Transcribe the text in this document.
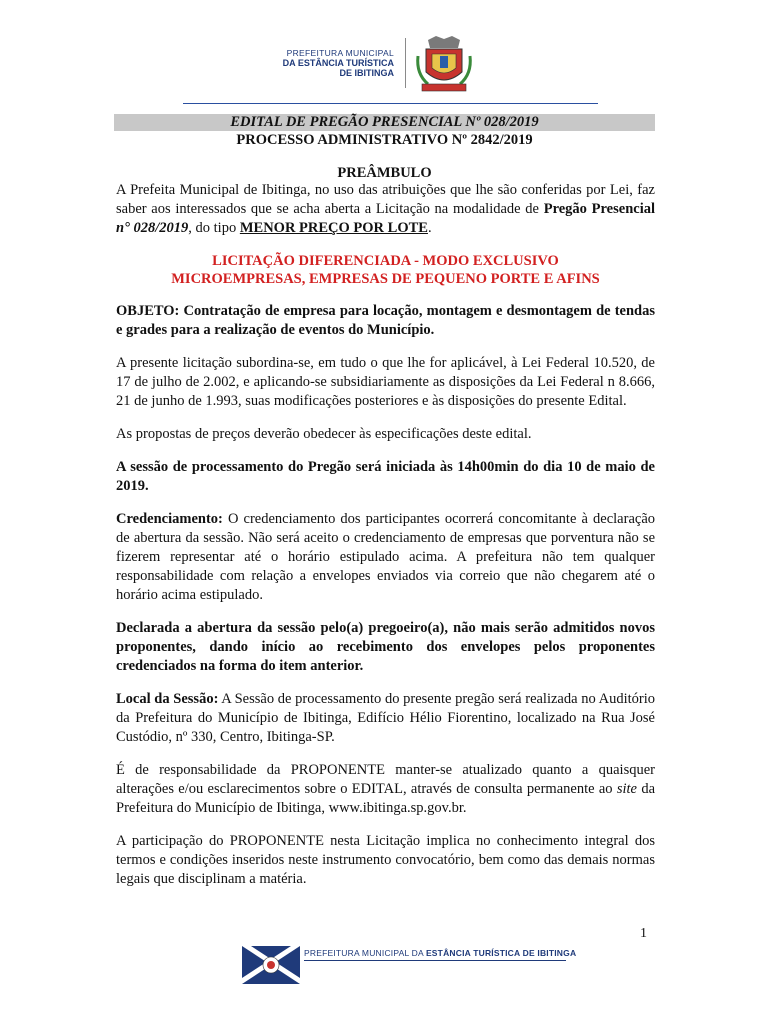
PREFEITURA MUNICIPAL
DA ESTÂNCIA TURÍSTICA
DE IBITINGA
EDITAL DE PREGÃO PRESENCIAL Nº 028/2019
PROCESSO ADMINISTRATIVO Nº 2842/2019
PREÂMBULO

A Prefeita Municipal de Ibitinga, no uso das atribuições que lhe são conferidas por Lei, faz saber aos interessados que se acha aberta a Licitação na modalidade de Pregão Presencial n° 028/2019, do tipo MENOR PREÇO POR LOTE.

LICITAÇÃO DIFERENCIADA - MODO EXCLUSIVO
MICROEMPRESAS, EMPRESAS DE PEQUENO PORTE E AFINS

OBJETO: Contratação de empresa para locação, montagem e desmontagem de tendas e grades para a realização de eventos do Município.

A presente licitação subordina-se, em tudo o que lhe for aplicável, à Lei Federal 10.520, de 17 de julho de 2.002, e aplicando-se subsidiariamente as disposições da Lei Federal n 8.666, 21 de junho de 1.993, suas modificações posteriores e às disposições do presente Edital.

As propostas de preços deverão obedecer às especificações deste edital.

A sessão de processamento do Pregão será iniciada às 14h00min do dia 10 de maio de 2019.

Credenciamento: O credenciamento dos participantes ocorrerá concomitante à declaração de abertura da sessão. Não será aceito o credenciamento de empresas que porventura não se fizerem representar até o horário estipulado acima. A prefeitura não tem qualquer responsabilidade com relação a envelopes enviados via correio que não chegarem até o horário acima estipulado.

Declarada a abertura da sessão pelo(a) pregoeiro(a), não mais serão admitidos novos proponentes, dando início ao recebimento dos envelopes pelos proponentes credenciados na forma do item anterior.

Local da Sessão: A Sessão de processamento do presente pregão será realizada no Auditório da Prefeitura do Município de Ibitinga, Edifício Hélio Fiorentino, localizado na Rua José Custódio, nº 330, Centro, Ibitinga-SP.

É de responsabilidade da PROPONENTE manter-se atualizado quanto a quaisquer alterações e/ou esclarecimentos sobre o EDITAL, através de consulta permanente ao site da Prefeitura do Município de Ibitinga, www.ibitinga.sp.gov.br.

A participação do PROPONENTE nesta Licitação implica no conhecimento integral dos termos e condições inseridos neste instrumento convocatório, bem como das demais normas legais que disciplinam a matéria.

1
PREFEITURA MUNICIPAL DA ESTÂNCIA TURÍSTICA DE IBITINGA
